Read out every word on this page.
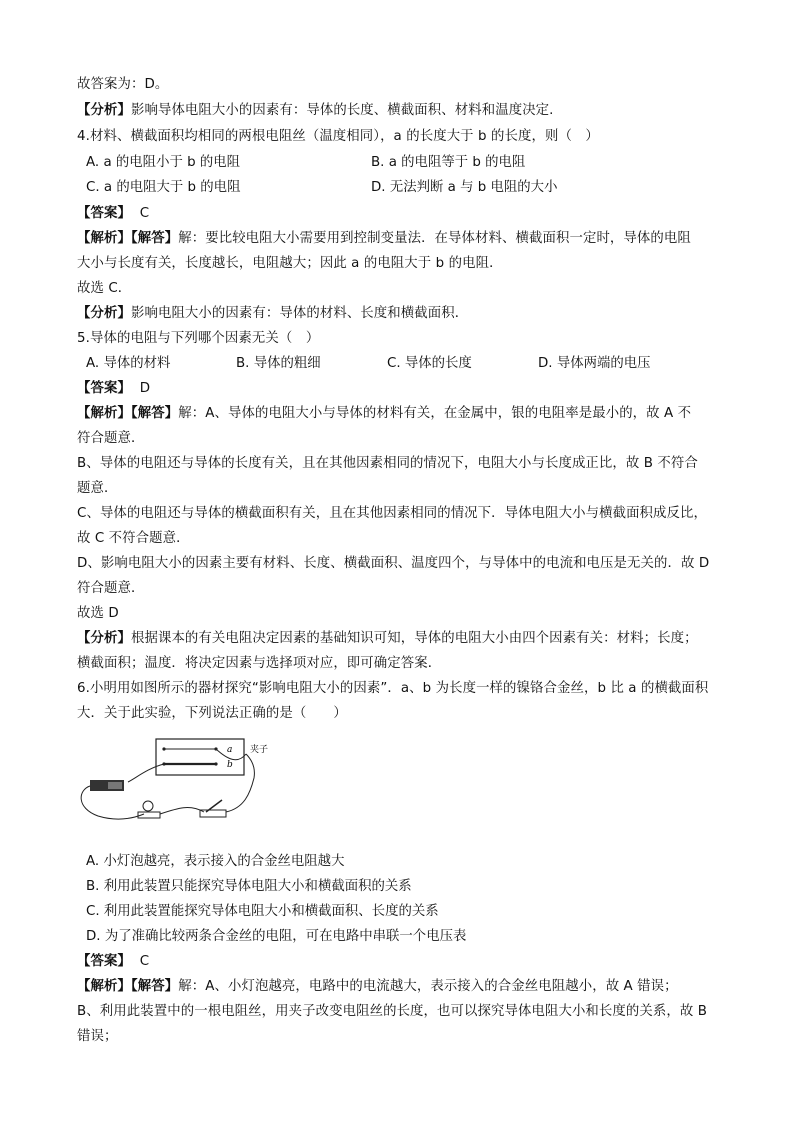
故答案为：D。
【分析】影响导体电阻大小的因素有：导体的长度、横截面积、材料和温度决定.
4.材料、横截面积均相同的两根电阻丝（温度相同），a 的长度大于 b 的长度，则（　）
A. a 的电阻小于 b 的电阻	B. a 的电阻等于 b 的电阻
C. a 的电阻大于 b 的电阻	D. 无法判断 a 与 b 电阻的大小
【答案】 C
【解析】【解答】解：要比较电阻大小需要用到控制变量法．在导体材料、横截面积一定时，导体的电阻
大小与长度有关，长度越长，电阻越大；因此 a 的电阻大于 b 的电阻．
故选 C．
【分析】影响电阻大小的因素有：导体的材料、长度和横截面积．
5.导体的电阻与下列哪个因素无关（　）
A. 导体的材料	B. 导体的粗细	C. 导体的长度	D. 导体两端的电压
【答案】 D
【解析】【解答】解：A、导体的电阻大小与导体的材料有关，在金属中，银的电阻率是最小的，故 A 不
符合题意．
B、导体的电阻还与导体的长度有关，且在其他因素相同的情况下，电阻大小与长度成正比，故 B 不符合
题意．
C、导体的电阻还与导体的横截面积有关，且在其他因素相同的情况下．导体电阻大小与横截面积成反比，
故 C 不符合题意．
D、影响电阻大小的因素主要有材料、长度、横截面积、温度四个，与导体中的电流和电压是无关的．故 D
符合题意．
故选 D
【分析】根据课本的有关电阻决定因素的基础知识可知，导体的电阻大小由四个因素有关：材料；长度；
横截面积；温度．将决定因素与选择项对应，即可确定答案．
6.小明用如图所示的器材探究“影响电阻大小的因素”．a、b 为长度一样的镍铬合金丝，b 比 a 的横截面积
大．关于此实验，下列说法正确的是（　　）
a
b
夹子
A. 小灯泡越亮，表示接入的合金丝电阻越大
B. 利用此装置只能探究导体电阻大小和横截面积的关系
C. 利用此装置能探究导体电阻大小和横截面积、长度的关系
D. 为了准确比较两条合金丝的电阻，可在电路中串联一个电压表
【答案】 C
【解析】【解答】解：A、小灯泡越亮，电路中的电流越大，表示接入的合金丝电阻越小，故 A 错误；
B、利用此装置中的一根电阻丝，用夹子改变电阻丝的长度，也可以探究导体电阻大小和长度的关系，故 B
错误；
